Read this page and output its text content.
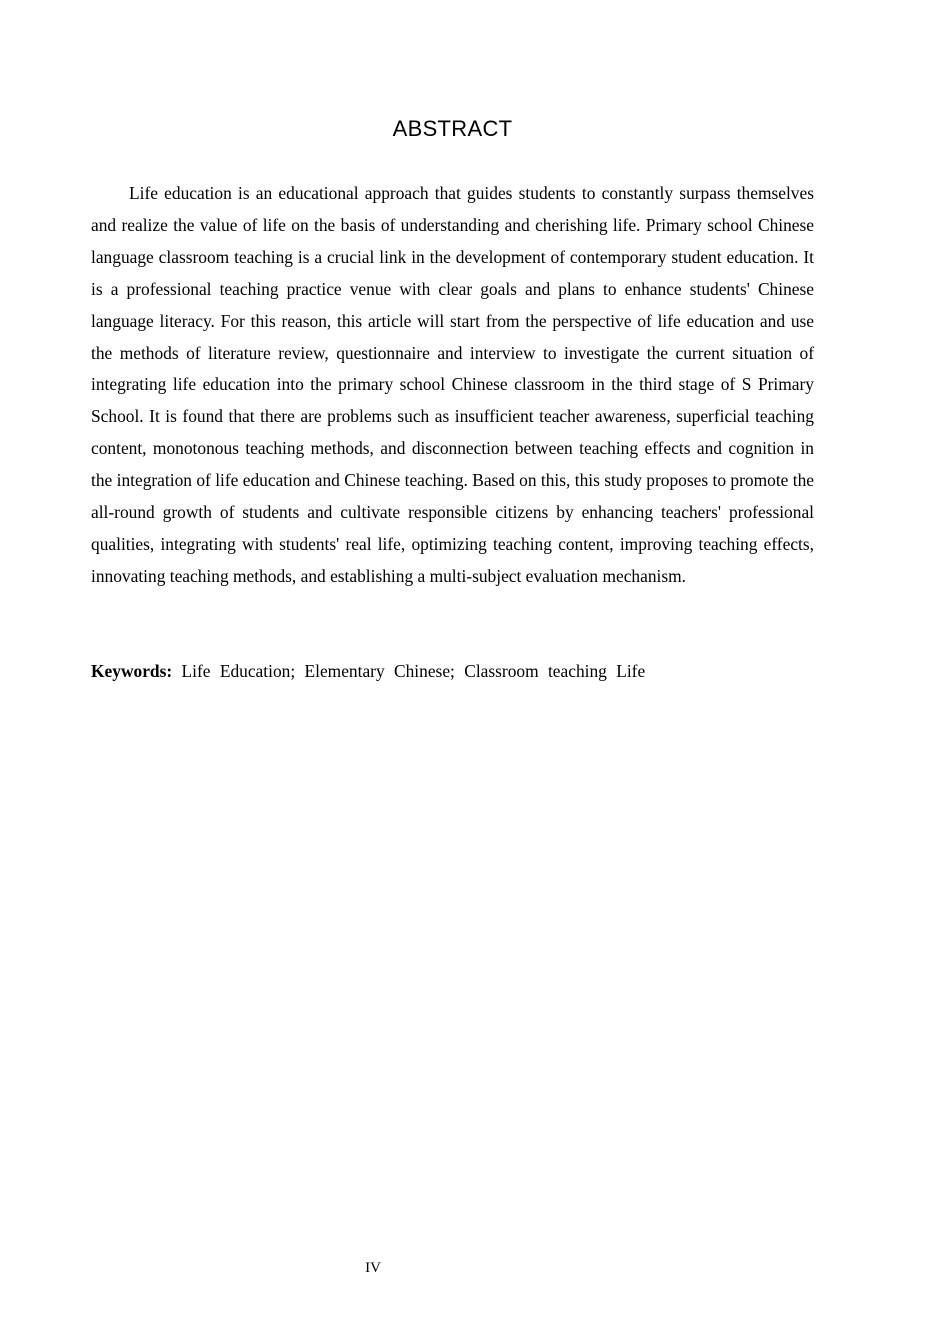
ABSTRACT

Life education is an educational approach that guides students to constantly surpass themselves and realize the value of life on the basis of understanding and cherishing life. Primary school Chinese language classroom teaching is a crucial link in the development of contemporary student education. It is a professional teaching practice venue with clear goals and plans to enhance students' Chinese language literacy. For this reason, this article will start from the perspective of life education and use the methods of literature review, questionnaire and interview to investigate the current situation of integrating life education into the primary school Chinese classroom in the third stage of S Primary School. It is found that there are problems such as insufficient teacher awareness, superficial teaching content, monotonous teaching methods, and disconnection between teaching effects and cognition in the integration of life education and Chinese teaching. Based on this, this study proposes to promote the all-round growth of students and cultivate responsible citizens by enhancing teachers' professional qualities, integrating with students' real life, optimizing teaching content, improving teaching effects, innovating teaching methods, and establishing a multi-subject evaluation mechanism.

Keywords: Life Education; Elementary Chinese; Classroom teaching Life
IV
